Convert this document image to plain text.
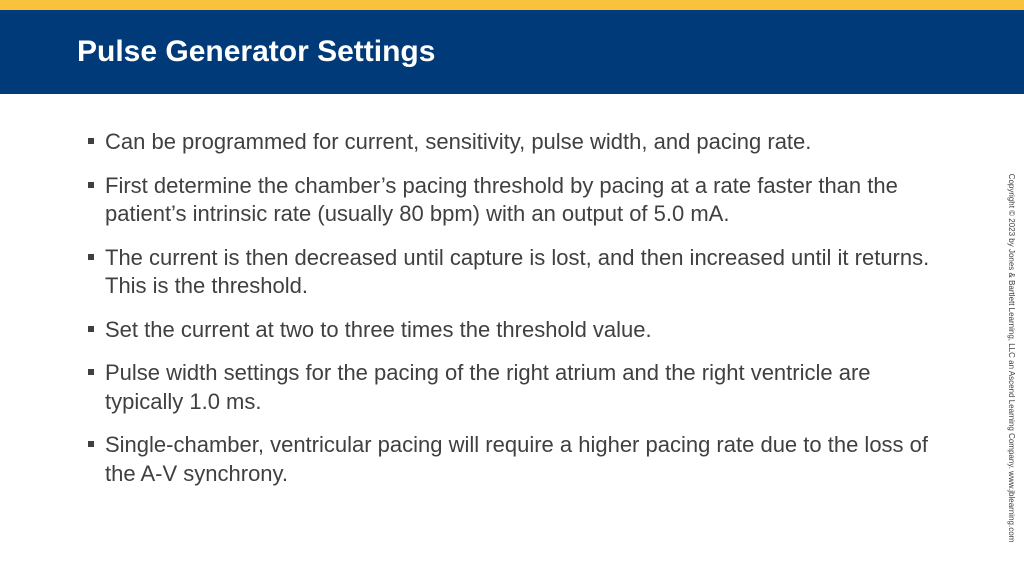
Pulse Generator Settings
Can be programmed for current, sensitivity, pulse width, and pacing rate.
First determine the chamber’s pacing threshold by pacing at a rate faster than the patient’s intrinsic rate (usually 80 bpm) with an output of 5.0 mA.
The current is then decreased until capture is lost, and then increased until it returns. This is the threshold.
Set the current at two to three times the threshold value.
Pulse width settings for the pacing of the right atrium and the right ventricle are typically 1.0 ms.
Single-chamber, ventricular pacing will require a higher pacing rate due to the loss of the A-V synchrony.	Copyright © 2023 by Jones & Bartlett Learning, LLC an Ascend Learning Company. www.jblearning.com
